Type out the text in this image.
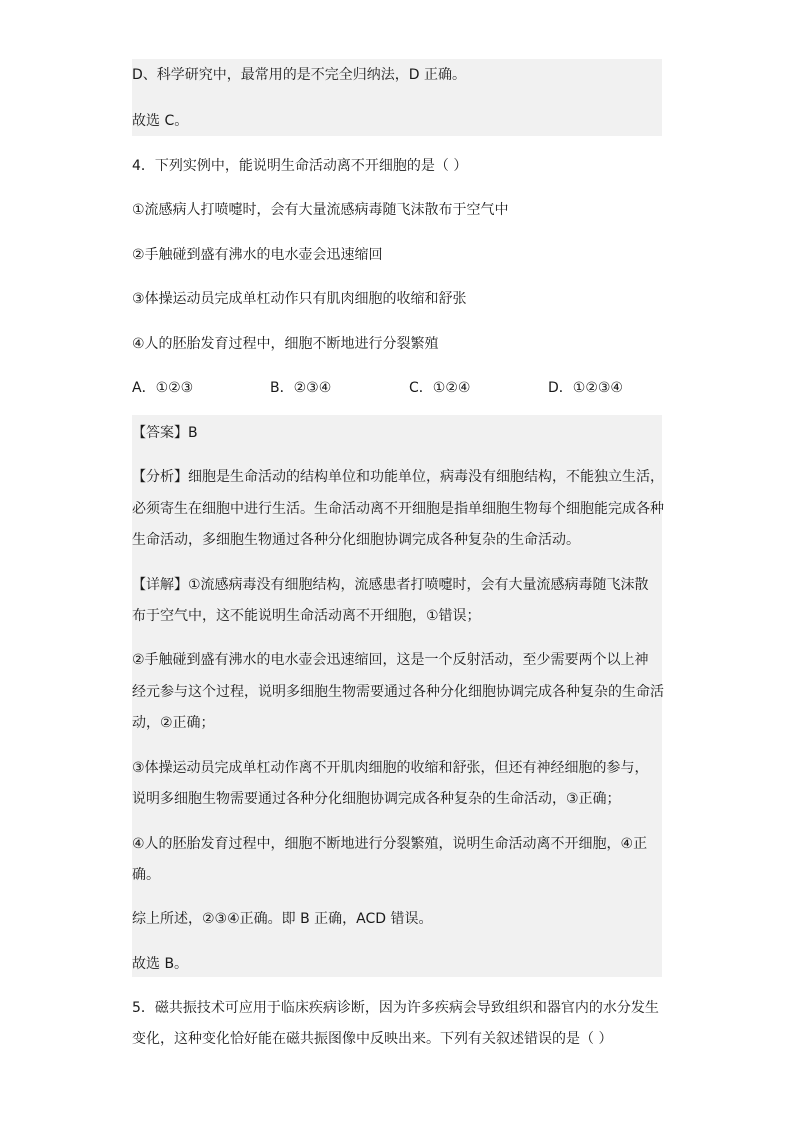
D、科学研究中，最常用的是不完全归纳法，D 正确。
故选 C。
4．下列实例中，能说明生命活动离不开细胞的是（ ）
①流感病人打喷嚏时，会有大量流感病毒随飞沫散布于空气中
②手触碰到盛有沸水的电水壶会迅速缩回
③体操运动员完成单杠动作只有肌肉细胞的收缩和舒张
④人的胚胎发育过程中，细胞不断地进行分裂繁殖
A．①②③	B．②③④	C．①②④	D．①②③④
【答案】B
【分析】细胞是生命活动的结构单位和功能单位，病毒没有细胞结构，不能独立生活，
必须寄生在细胞中进行生活。生命活动离不开细胞是指单细胞生物每个细胞能完成各种
生命活动，多细胞生物通过各种分化细胞协调完成各种复杂的生命活动。
【详解】①流感病毒没有细胞结构，流感患者打喷嚏时，会有大量流感病毒随飞沫散
布于空气中，这不能说明生命活动离不开细胞，①错误；
②手触碰到盛有沸水的电水壶会迅速缩回，这是一个反射活动，至少需要两个以上神
经元参与这个过程，说明多细胞生物需要通过各种分化细胞协调完成各种复杂的生命活
动，②正确；
③体操运动员完成单杠动作离不开肌肉细胞的收缩和舒张，但还有神经细胞的参与，
说明多细胞生物需要通过各种分化细胞协调完成各种复杂的生命活动，③正确；
④人的胚胎发育过程中，细胞不断地进行分裂繁殖，说明生命活动离不开细胞，④正
确。
综上所述，②③④正确。即 B 正确，ACD 错误。
故选 B。
5．磁共振技术可应用于临床疾病诊断，因为许多疾病会导致组织和器官内的水分发生
变化，这种变化恰好能在磁共振图像中反映出来。下列有关叙述错误的是（ ）
